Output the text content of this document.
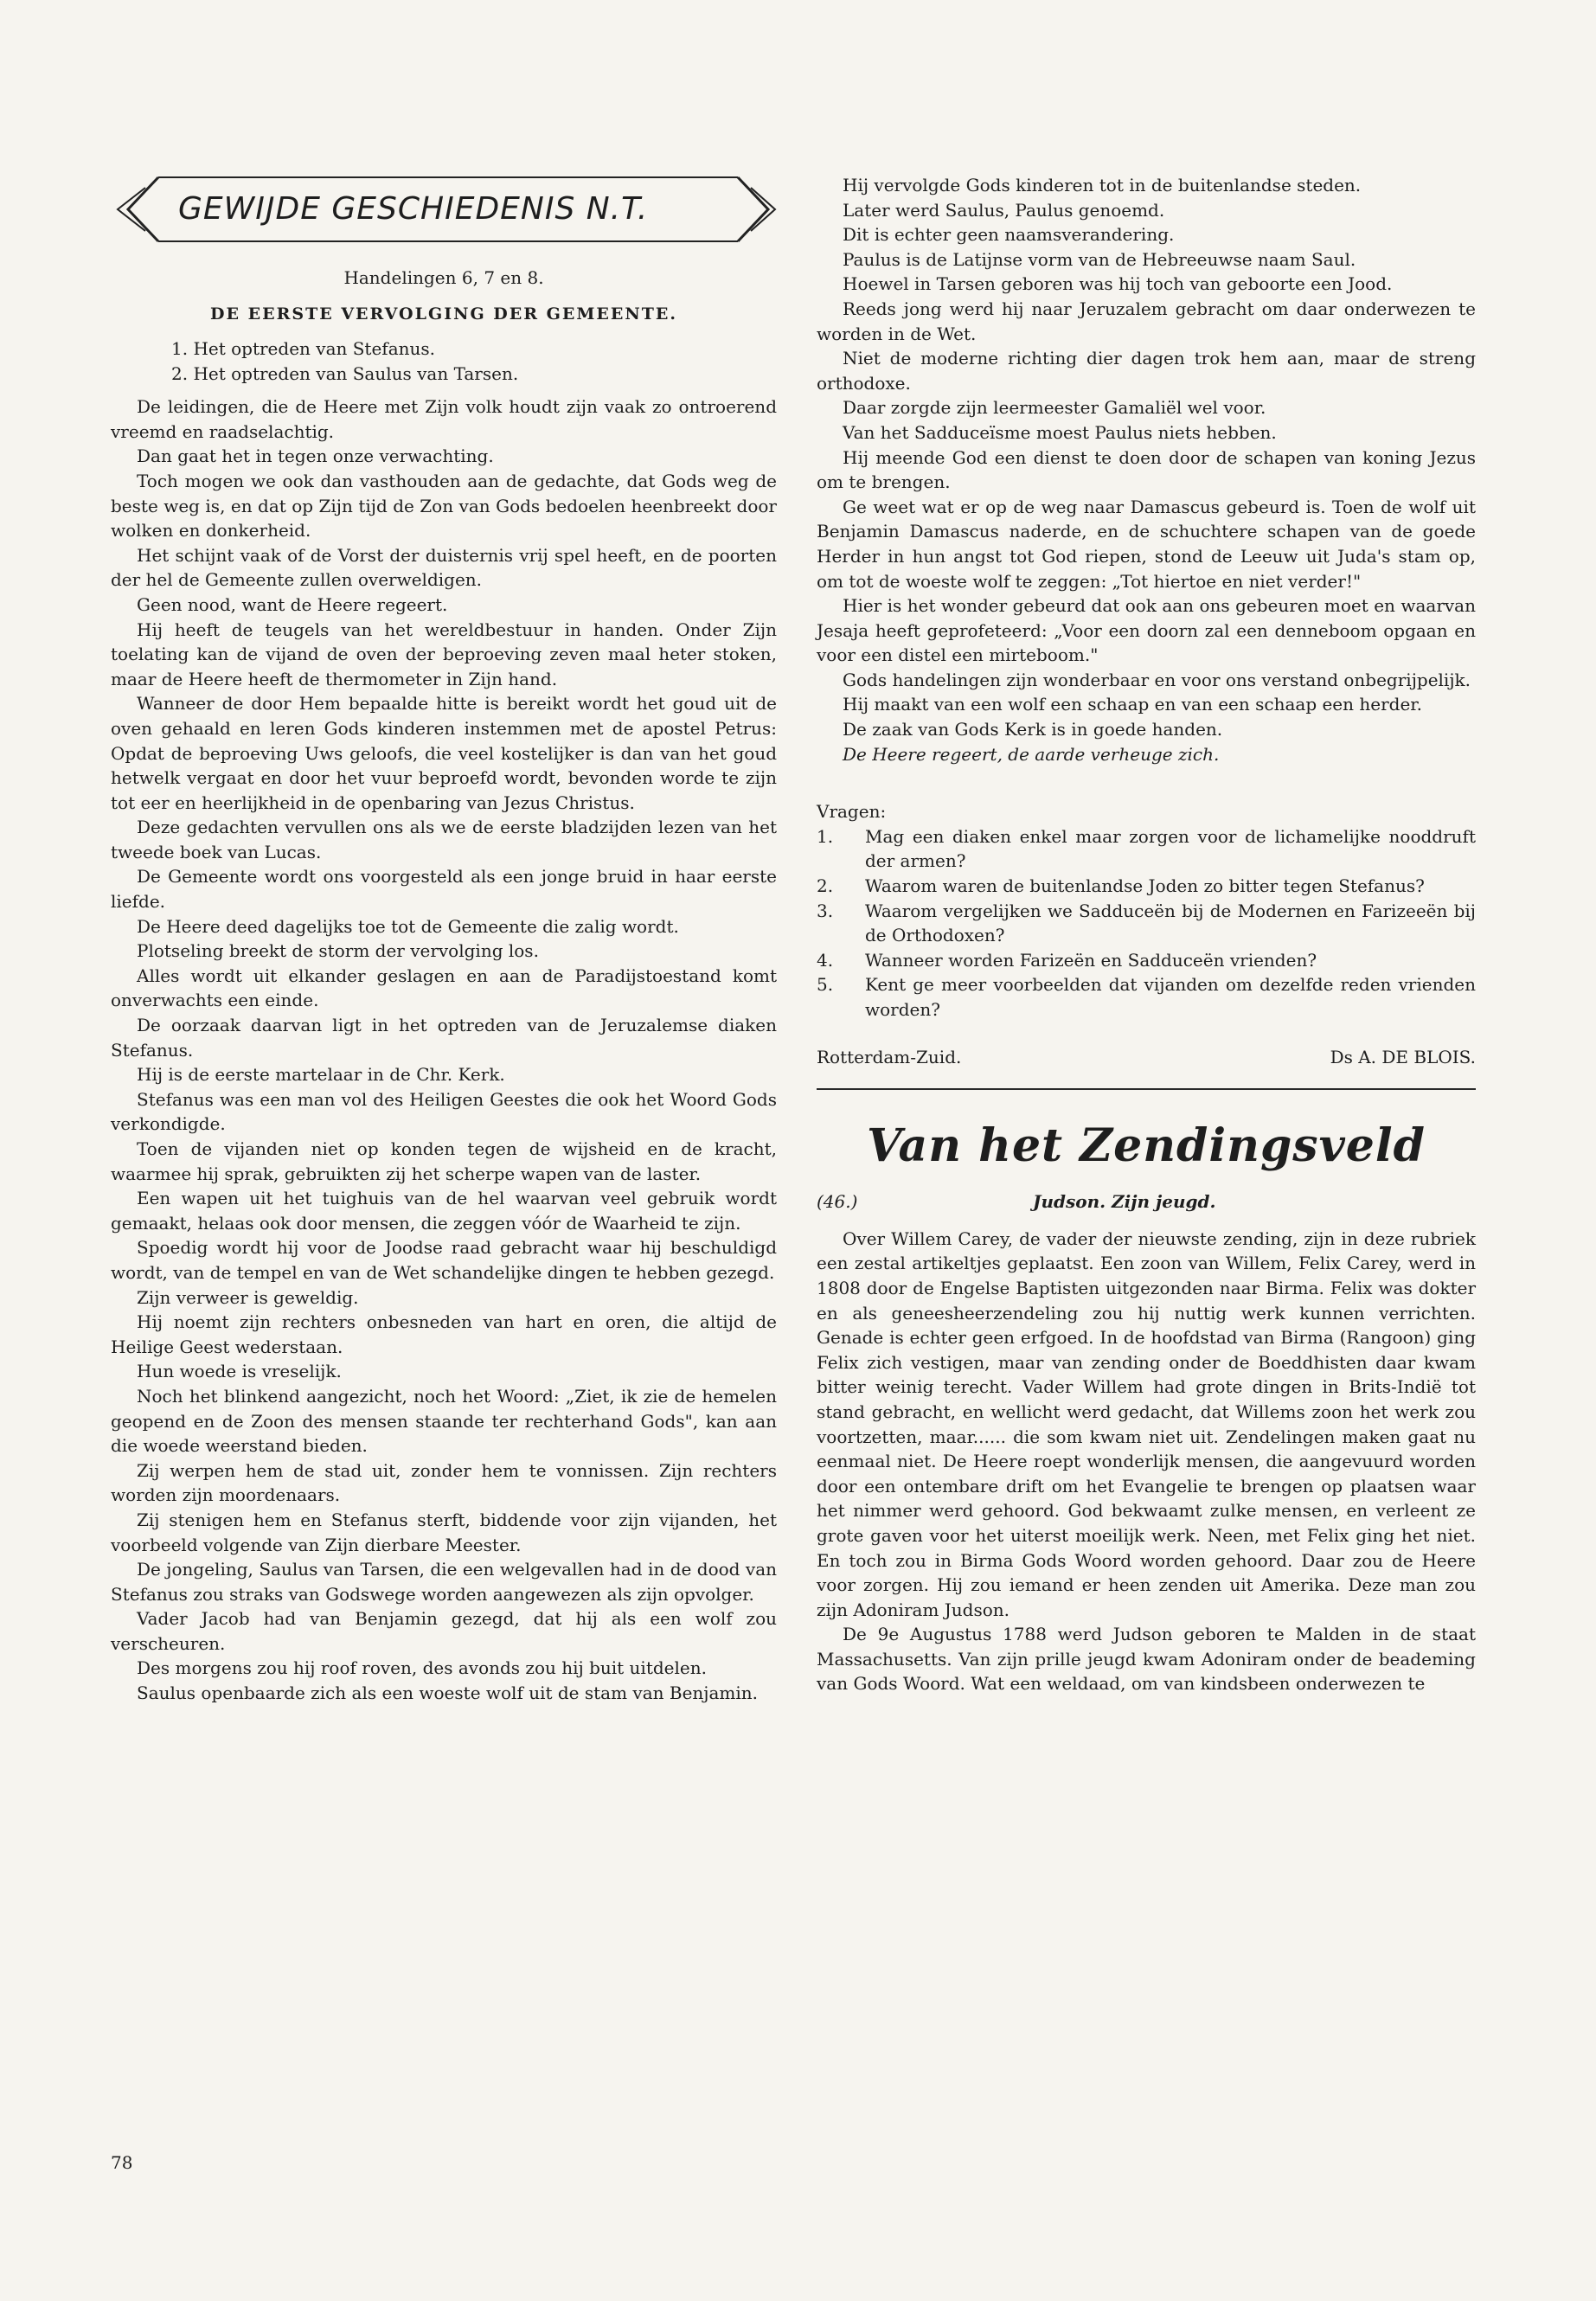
GEWIJDE GESCHIEDENIS N.T.
Handelingen 6, 7 en 8.
DE EERSTE VERVOLGING DER GEMEENTE.
1. Het optreden van Stefanus.
2. Het optreden van Saulus van Tarsen.

De leidingen, die de Heere met Zijn volk houdt zijn vaak zo ontroerend vreemd en raadselachtig.

Dan gaat het in tegen onze verwachting.

Toch mogen we ook dan vasthouden aan de gedachte, dat Gods weg de beste weg is, en dat op Zijn tijd de Zon van Gods bedoelen heenbreekt door wolken en donkerheid.

Het schijnt vaak of de Vorst der duisternis vrij spel heeft, en de poorten der hel de Gemeente zullen overweldigen.

Geen nood, want de Heere regeert.

Hij heeft de teugels van het wereldbestuur in handen. Onder Zijn toelating kan de vijand de oven der beproeving zeven maal heter stoken, maar de Heere heeft de thermometer in Zijn hand.

Wanneer de door Hem bepaalde hitte is bereikt wordt het goud uit de oven gehaald en leren Gods kinderen instemmen met de apostel Petrus: Opdat de beproeving Uws geloofs, die veel kostelijker is dan van het goud hetwelk vergaat en door het vuur beproefd wordt, bevonden worde te zijn tot eer en heerlijkheid in de openbaring van Jezus Christus.

Deze gedachten vervullen ons als we de eerste bladzijden lezen van het tweede boek van Lucas.

De Gemeente wordt ons voorgesteld als een jonge bruid in haar eerste liefde.

De Heere deed dagelijks toe tot de Gemeente die zalig wordt.

Plotseling breekt de storm der vervolging los.

Alles wordt uit elkander geslagen en aan de Paradijstoestand komt onverwachts een einde.

De oorzaak daarvan ligt in het optreden van de Jeruzalemse diaken Stefanus.

Hij is de eerste martelaar in de Chr. Kerk.

Stefanus was een man vol des Heiligen Geestes die ook het Woord Gods verkondigde.

Toen de vijanden niet op konden tegen de wijsheid en de kracht, waarmee hij sprak, gebruikten zij het scherpe wapen van de laster.

Een wapen uit het tuighuis van de hel waarvan veel gebruik wordt gemaakt, helaas ook door mensen, die zeggen vóór de Waarheid te zijn.

Spoedig wordt hij voor de Joodse raad gebracht waar hij beschuldigd wordt, van de tempel en van de Wet schandelijke dingen te hebben gezegd.

Zijn verweer is geweldig.

Hij noemt zijn rechters onbesneden van hart en oren, die altijd de Heilige Geest wederstaan.

Hun woede is vreselijk.

Noch het blinkend aangezicht, noch het Woord: „Ziet, ik zie de hemelen geopend en de Zoon des mensen staande ter rechterhand Gods", kan aan die woede weerstand bieden.

Zij werpen hem de stad uit, zonder hem te vonnissen. Zijn rechters worden zijn moordenaars.

Zij stenigen hem en Stefanus sterft, biddende voor zijn vijanden, het voorbeeld volgende van Zijn dierbare Meester.

De jongeling, Saulus van Tarsen, die een welgevallen had in de dood van Stefanus zou straks van Godswege worden aangewezen als zijn opvolger.

Vader Jacob had van Benjamin gezegd, dat hij als een wolf zou verscheuren.

Des morgens zou hij roof roven, des avonds zou hij buit uitdelen.

Saulus openbaarde zich als een woeste wolf uit de stam van Benjamin.

Hij vervolgde Gods kinderen tot in de buitenlandse steden.

Later werd Saulus, Paulus genoemd.

Dit is echter geen naamsverandering.

Paulus is de Latijnse vorm van de Hebreeuwse naam Saul.

Hoewel in Tarsen geboren was hij toch van geboorte een Jood.

Reeds jong werd hij naar Jeruzalem gebracht om daar onderwezen te worden in de Wet.

Niet de moderne richting dier dagen trok hem aan, maar de streng orthodoxe.

Daar zorgde zijn leermeester Gamaliël wel voor.

Van het Sadduceïsme moest Paulus niets hebben.

Hij meende God een dienst te doen door de schapen van koning Jezus om te brengen.

Ge weet wat er op de weg naar Damascus gebeurd is. Toen de wolf uit Benjamin Damascus naderde, en de schuchtere schapen van de goede Herder in hun angst tot God riepen, stond de Leeuw uit Juda's stam op, om tot de woeste wolf te zeggen: „Tot hiertoe en niet verder!"

Hier is het wonder gebeurd dat ook aan ons gebeuren moet en waarvan Jesaja heeft geprofeteerd: „Voor een doorn zal een denneboom opgaan en voor een distel een mirteboom."

Gods handelingen zijn wonderbaar en voor ons verstand onbegrijpelijk.

Hij maakt van een wolf een schaap en van een schaap een herder.

De zaak van Gods Kerk is in goede handen.

De Heere regeert, de aarde verheuge zich.

Vragen:
1.	Mag een diaken enkel maar zorgen voor de lichamelijke nooddruft der armen?
2.	Waarom waren de buitenlandse Joden zo bitter tegen Stefanus?
3.	Waarom vergelijken we Sadduceën bij de Modernen en Farizeeën bij de Orthodoxen?
4.	Wanneer worden Farizeën en Sadduceën vrienden?
5.	Kent ge meer voorbeelden dat vijanden om dezelfde reden vrienden worden?
Rotterdam-Zuid.	Ds A. DE BLOIS.
Van het Zendingsveld
(46.)	Judson. Zijn jeugd.

Over Willem Carey, de vader der nieuwste zending, zijn in deze rubriek een zestal artikeltjes geplaatst. Een zoon van Willem, Felix Carey, werd in 1808 door de Engelse Baptisten uitgezonden naar Birma. Felix was dokter en als geneesheerzendeling zou hij nuttig werk kunnen verrichten. Genade is echter geen erfgoed. In de hoofdstad van Birma (Rangoon) ging Felix zich vestigen, maar van zending onder de Boeddhisten daar kwam bitter weinig terecht. Vader Willem had grote dingen in Brits-Indië tot stand gebracht, en wellicht werd gedacht, dat Willems zoon het werk zou voortzetten, maar...... die som kwam niet uit. Zendelingen maken gaat nu eenmaal niet. De Heere roept wonderlijk mensen, die aangevuurd worden door een ontembare drift om het Evangelie te brengen op plaatsen waar het nimmer werd gehoord. God bekwaamt zulke mensen, en verleent ze grote gaven voor het uiterst moeilijk werk. Neen, met Felix ging het niet. En toch zou in Birma Gods Woord worden gehoord. Daar zou de Heere voor zorgen. Hij zou iemand er heen zenden uit Amerika. Deze man zou zijn Adoniram Judson.

De 9e Augustus 1788 werd Judson geboren te Malden in de staat Massachusetts. Van zijn prille jeugd kwam Adoniram onder de beademing van Gods Woord. Wat een weldaad, om van kindsbeen onderwezen te

78
